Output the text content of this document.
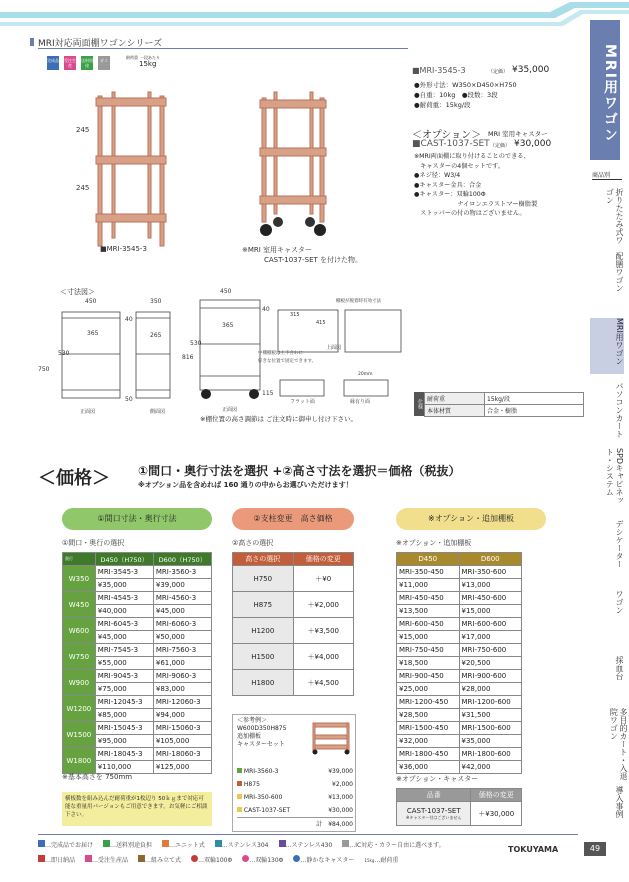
MRI用ワゴン
商品別
折りたたみ式ワゴン
配膳ワゴン
MRI用ワゴン
パソコンカート
SPDキャビネット・システム
デシケーター
ワゴン
採血台
多目的カート・入退院ワゴン
導入事例
49
MRI対応両面棚ワゴンシリーズ
完成品 受注生産
送料別途
ガス
耐荷重 一段あたり
15kg
245
245
■MRI-3545-3	※MRI 室用キャスター
CAST-1037-SET を付けた物。
■MRI-3545-3	（定価） ¥35,000
●外形寸法：W350×D450×H750
●自重：10kg　●段数：3段
●耐荷重：15kg/段
＜オプション＞ MRI 室用キャスター
■CAST-1037-SET （定価） ¥30,000
※MRI両面棚に取り付けることのできる、
　キャスターの4個セットです。
●ネジ径：W3/4
●キャスター金具：合金
●キャスター：双輪100Φ
　　　　　　　ナイロンエラストマー樹脂製
　ストッパーの付の物はございません。
＜寸法図＞
450
750
365
530
40
50
正面図
350
265
側面図
450
365
530
816
40
115
正面図
315
415
上面図
棚板が脱着時有効寸法
中棚棚板は上下合わに
好きな位置で固定できます。
フラット面	縁有り面
20mm
※棚位置の高さ調節は ご注文時に御申し付け下さい。
仕様 耐荷重	15kg/段
本体材質	合金・樹脂
＜価格＞ ①間口・奥行寸法を選択 +②高さ寸法を選択＝価格（税抜）
※オプション品を含めれば 160 通りの中からお選びいただけます！
①間口寸法・奥行寸法	②支柱変更　高さ価格	※オプション・追加棚板
①間口・奥行の選択
奥行	D450（H750）	D600（H750）
W350	MRI-3545-3	MRI-3560-3
	¥35,000	¥39,000
W450	MRI-4545-3	MRI-4560-3
	¥40,000	¥45,000
W600	MRI-6045-3	MRI-6060-3
	¥45,000	¥50,000
W750	MRI-7545-3	MRI-7560-3
	¥55,000	¥61,000
W900	MRI-9045-3	MRI-9060-3
	¥75,000	¥83,000
W1200	MRI-12045-3	MRI-12060-3
	¥85,000	¥94,000
W1500	MRI-15045-3	MRI-15060-3
	¥95,000	¥105,000
W1800	MRI-18045-3	MRI-18060-3
	¥110,000	¥125,000
※基本高さを 750mm
②高さの選択
高さの選択	価格の変更
H750	＋¥0
H875	＋¥2,000
H1200	＋¥3,500
H1500	＋¥4,000
H1800	＋¥4,500
＜参考例＞
W600D350H875
追加棚板
キャスターセット
MRI-3560-3	¥39,000
H875	¥2,000
MRI-350-600	¥13,000
CAST-1037-SET	¥30,000
計 ¥84,000
※オプション・追加棚板
D450	D600
MRI-350-450	MRI-350-600
¥11,000	¥13,000
MRI-450-450	MRI-450-600
¥13,500	¥15,000
MRI-600-450	MRI-600-600
¥15,000	¥17,000
MRI-750-450	MRI-750-600
¥18,500	¥20,500
MRI-900-450	MRI-900-600
¥25,000	¥28,000
MRI-1200-450	MRI-1200-600
¥28,500	¥31,500
MRI-1500-450	MRI-1500-600
¥32,000	¥35,000
MRI-1800-450	MRI-1800-600
¥36,000	¥42,000
※オプション・キャスター
品番	価格の変更

CAST-1037-SET
※キャスター付はございません	＋¥30,000
横板数を組み込んだ耐荷重が1枚辺り 50ｋｇまで対応可能な重量用バージョンもご用意できます。お気軽にご相談下さい。
…完成品でお届け	…送料別途負担	…ユニット式	…ステンレス304	…ステンレス430	…IC対応・カラー自由に選べます。
…即日納品	…受注生産品	…組み立て式	…双輪100Φ	…双輪130Φ	…静かなキャスター	15kg…耐荷重
TOKUYAMA
